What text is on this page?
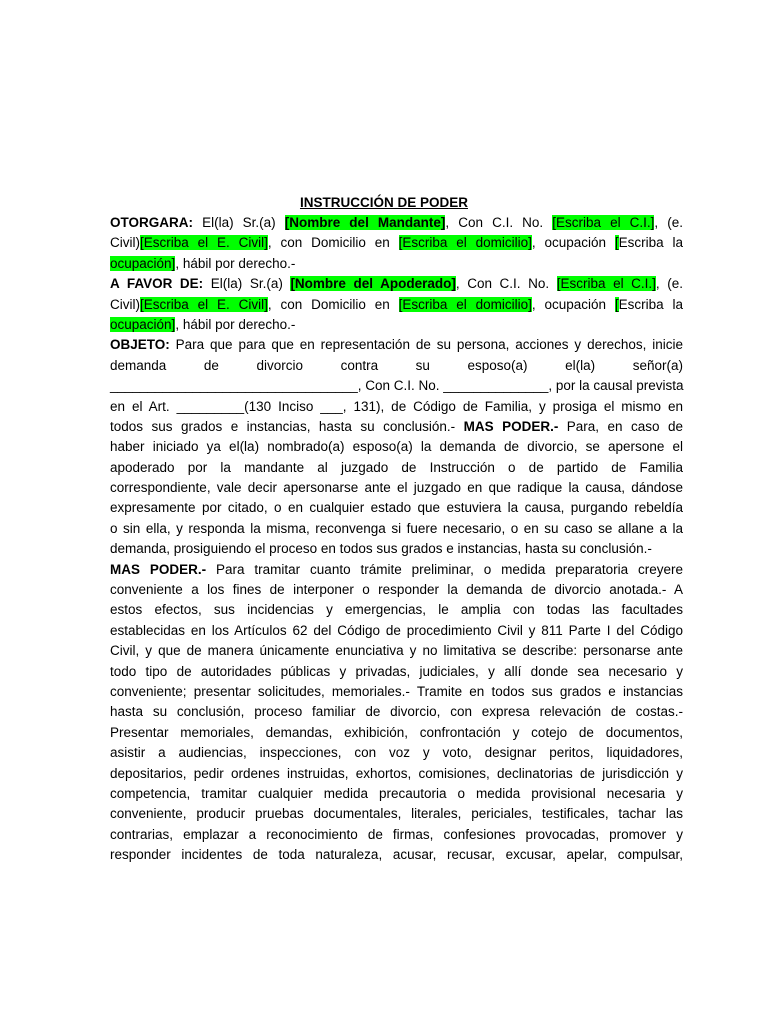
INSTRUCCIÓN DE PODER
OTORGARA: El(la) Sr.(a) [Nombre del Mandante], Con C.I. No. [Escriba el C.I.], (e.
Civil)[Escriba el E. Civil], con Domicilio en [Escriba el domicilio], ocupación [Escriba la
ocupación], hábil por derecho.-
A FAVOR DE: El(la) Sr.(a) [Nombre del Apoderado], Con C.I. No. [Escriba el C.I.], (e.
Civil)[Escriba el E. Civil], con Domicilio en [Escriba el domicilio], ocupación [Escriba la
ocupación], hábil por derecho.-
OBJETO: Para que para que en representación de su persona, acciones y derechos, inicie
demanda de divorcio contra su esposo(a) el(la) señor(a)
_________________________________, Con C.I. No. ______________, por la causal prevista
en el Art. _________(130 Inciso ___, 131), de Código de Familia, y prosiga el mismo en
todos sus grados e instancias, hasta su conclusión.- MAS PODER.- Para, en caso de
haber iniciado ya el(la) nombrado(a) esposo(a) la demanda de divorcio, se apersone el
apoderado por la mandante al juzgado de Instrucción o de partido de Familia
correspondiente, vale decir apersonarse ante el juzgado en que radique la causa, dándose
expresamente por citado, o en cualquier estado que estuviera la causa, purgando rebeldía
o sin ella, y responda la misma, reconvenga si fuere necesario, o en su caso se allane a la
demanda, prosiguiendo el proceso en todos sus grados e instancias, hasta su conclusión.-
MAS PODER.- Para tramitar cuanto trámite preliminar, o medida preparatoria creyere
conveniente a los fines de interponer o responder la demanda de divorcio anotada.- A
estos efectos, sus incidencias y emergencias, le amplia con todas las facultades
establecidas en los Artículos 62 del Código de procedimiento Civil y 811 Parte I del Código
Civil, y que de manera únicamente enunciativa y no limitativa se describe: personarse ante
todo tipo de autoridades públicas y privadas, judiciales, y allí donde sea necesario y
conveniente; presentar solicitudes, memoriales.- Tramite en todos sus grados e instancias
hasta su conclusión, proceso familiar de divorcio, con expresa relevación de costas.-
Presentar memoriales, demandas, exhibición, confrontación y cotejo de documentos,
asistir a audiencias, inspecciones, con voz y voto, designar peritos, liquidadores,
depositarios, pedir ordenes instruidas, exhortos, comisiones, declinatorias de jurisdicción y
competencia, tramitar cualquier medida precautoria o medida provisional necesaria y
conveniente, producir pruebas documentales, literales, periciales, testificales, tachar las
contrarias, emplazar a reconocimiento de firmas, confesiones provocadas, promover y
responder incidentes de toda naturaleza, acusar, recusar, excusar, apelar, compulsar,
